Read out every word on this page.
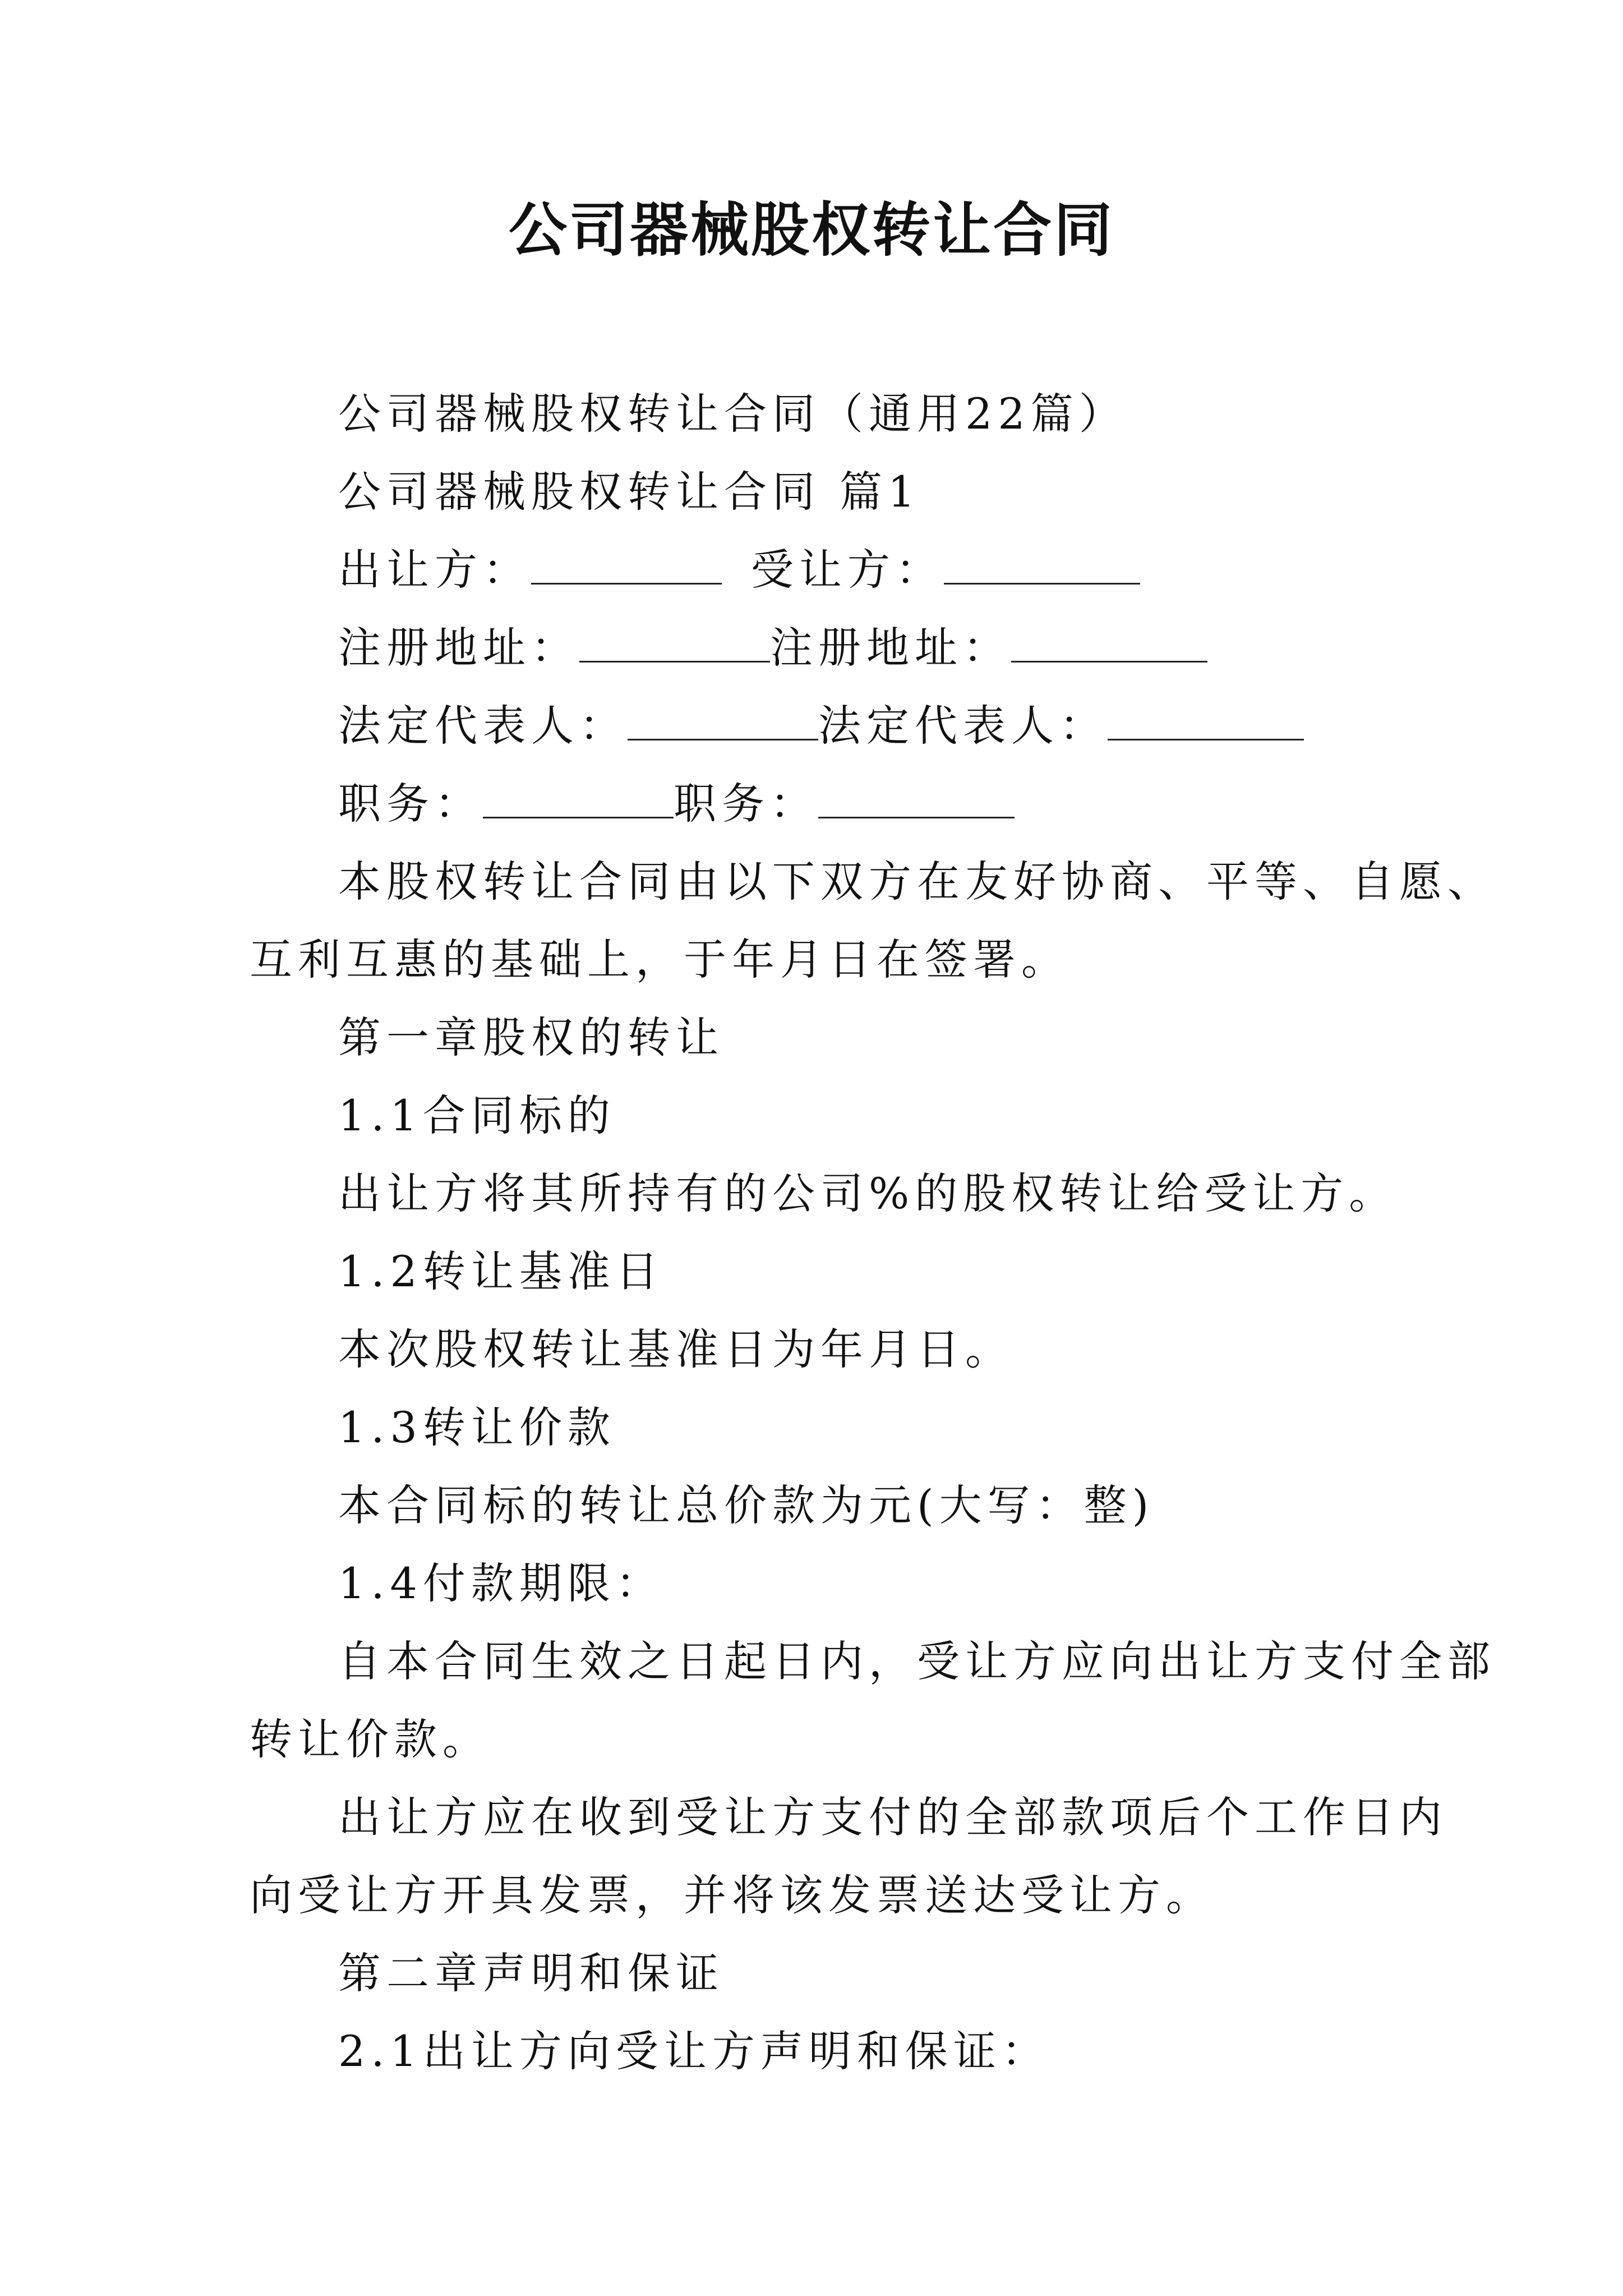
公司器械股权转让合同

公司器械股权转让合同（通用22篇）

公司器械股权转让合同 篇1

出让方：	受让方：

注册地址：	注册地址：

法定代表人：	法定代表人：

职务：	职务：

本股权转让合同由以下双方在友好协商、平等、自愿、

互利互惠的基础上，于年月日在签署。

第一章股权的转让

1.1合同标的

出让方将其所持有的公司%的股权转让给受让方。

1.2转让基准日

本次股权转让基准日为年月日。

1.3转让价款

本合同标的转让总价款为元(大写：整)

1.4付款期限：

自本合同生效之日起日内，受让方应向出让方支付全部

转让价款。

出让方应在收到受让方支付的全部款项后个工作日内

向受让方开具发票，并将该发票送达受让方。

第二章声明和保证

2.1出让方向受让方声明和保证：
